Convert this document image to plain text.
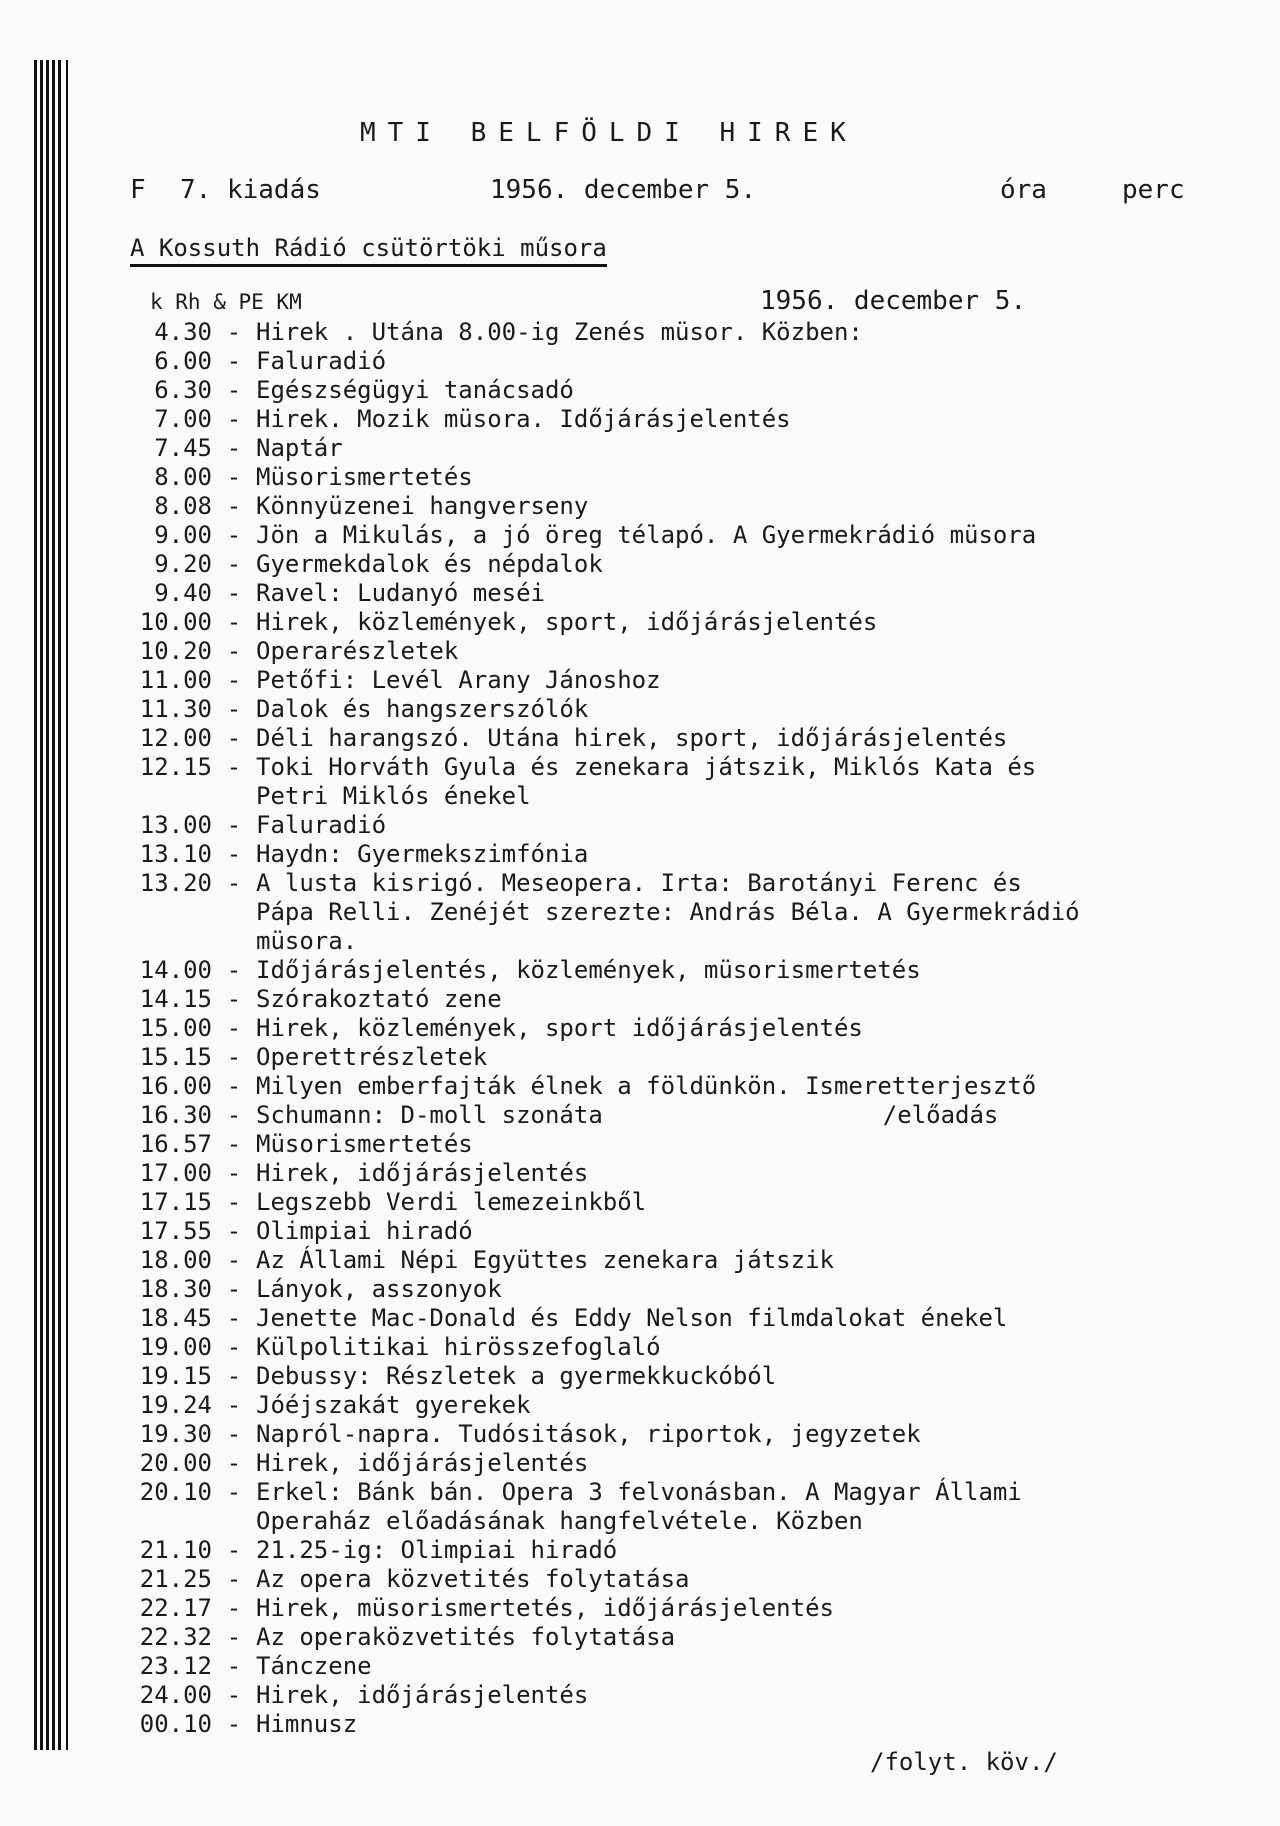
MTI BELFÖLDI HIREK
F 7. kiadás	1956. december 5.	óra	perc
A Kossuth Rádió csütörtöki műsora
k Rh & PE KM	1956. december 5.
4.30 - Hirek . Utána 8.00-ig Zenés müsor. Közben:
6.00 - Faluradió
6.30 - Egészségügyi tanácsadó
7.00 - Hirek. Mozik müsora. Időjárásjelentés
7.45 - Naptár
8.00 - Müsorismertetés
8.08 - Könnyüzenei hangverseny
9.00 - Jön a Mikulás, a jó öreg télapó. A Gyermekrádió müsora
9.20 - Gyermekdalok és népdalok
9.40 - Ravel: Ludanyó meséi
10.00 - Hirek, közlemények, sport, időjárásjelentés
10.20 - Operarészletek
11.00 - Petőfi: Levél Arany Jánoshoz
11.30 - Dalok és hangszerszólók
12.00 - Déli harangszó. Utána hirek, sport, időjárásjelentés
12.15 - Toki Horváth Gyula és zenekara játszik, Miklós Kata és
Petri Miklós énekel
13.00 - Faluradió
13.10 - Haydn: Gyermekszimfónia
13.20 - A lusta kisrigó. Meseopera. Irta: Barotányi Ferenc és
Pápa Relli. Zenéjét szerezte: András Béla. A Gyermekrádió
müsora.
14.00 - Időjárásjelentés, közlemények, müsorismertetés
14.15 - Szórakoztató zene
15.00 - Hirek, közlemények, sport időjárásjelentés
15.15 - Operettrészletek
16.00 - Milyen emberfajták élnek a földünkön. Ismeretterjesztő
16.30 - Schumann: D-moll szonáta	/előadás
16.57 - Müsorismertetés
17.00 - Hirek, időjárásjelentés
17.15 - Legszebb Verdi lemezeinkből
17.55 - Olimpiai hiradó
18.00 - Az Állami Népi Együttes zenekara játszik
18.30 - Lányok, asszonyok
18.45 - Jenette Mac-Donald és Eddy Nelson filmdalokat énekel
19.00 - Külpolitikai hirösszefoglaló
19.15 - Debussy: Részletek a gyermekkuckóból
19.24 - Jóéjszakát gyerekek
19.30 - Napról-napra. Tudósitások, riportok, jegyzetek
20.00 - Hirek, időjárásjelentés
20.10 - Erkel: Bánk bán. Opera 3 felvonásban. A Magyar Állami
Operaház előadásának hangfelvétele. Közben
21.10 - 21.25-ig: Olimpiai hiradó
21.25 - Az opera közvetités folytatása
22.17 - Hirek, müsorismertetés, időjárásjelentés
22.32 - Az operaközvetités folytatása
23.12 - Tánczene
24.00 - Hirek, időjárásjelentés
00.10 - Himnusz
/folyt. köv./
